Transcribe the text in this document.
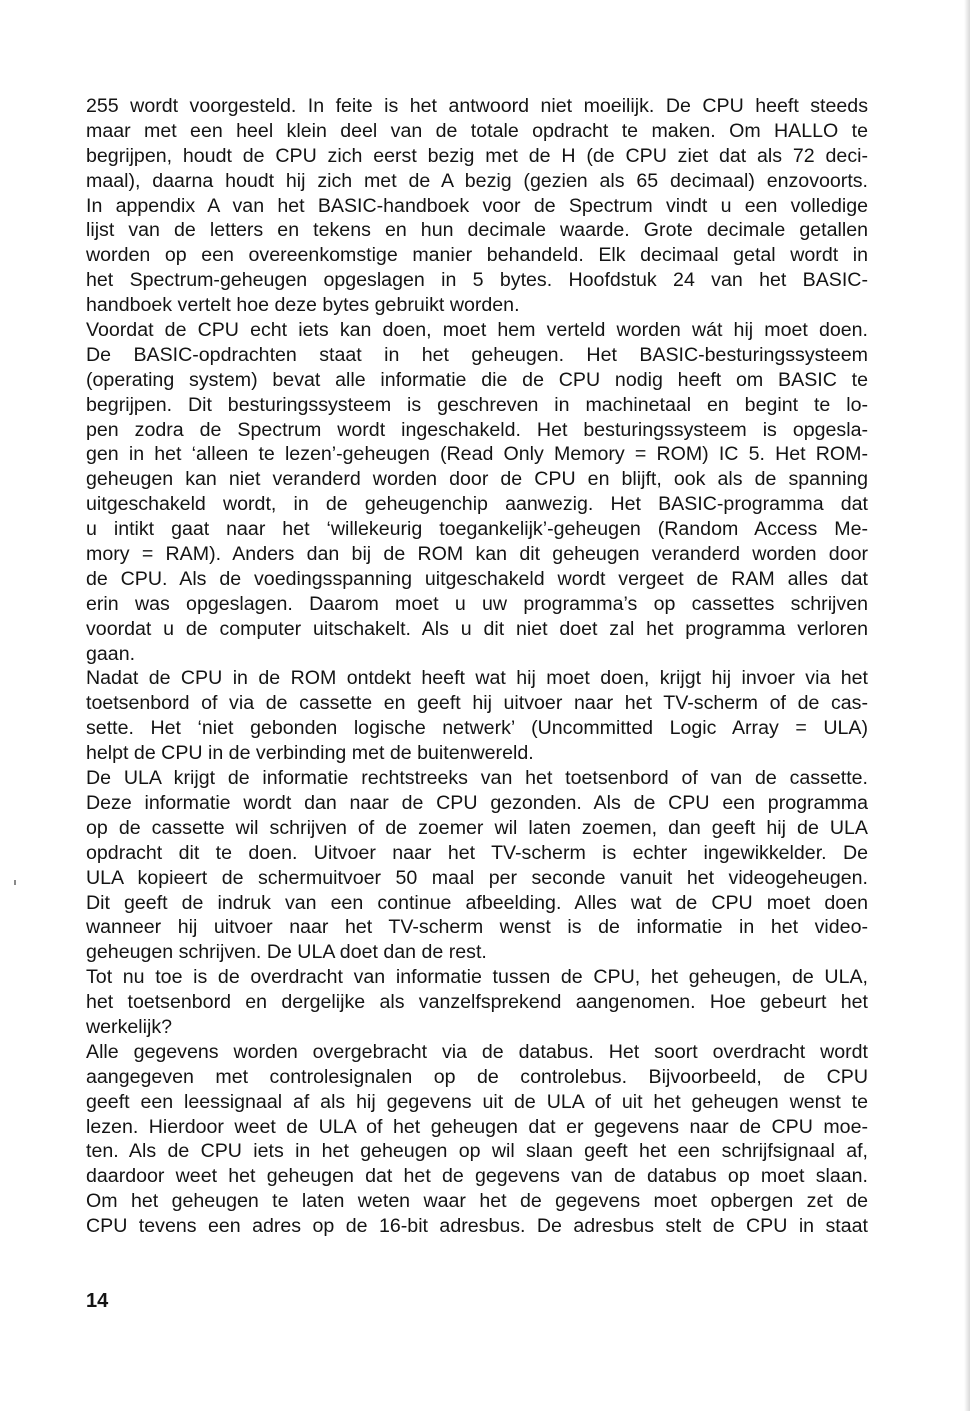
255 wordt voorgesteld. In feite is het antwoord niet moeilijk. De CPU heeft steeds
maar met een heel klein deel van de totale opdracht te maken. Om HALLO te
begrijpen, houdt de CPU zich eerst bezig met de H (de CPU ziet dat als 72 deci-
maal), daarna houdt hij zich met de A bezig (gezien als 65 decimaal) enzovoorts.
In appendix A van het BASIC-handboek voor de Spectrum vindt u een volledige
lijst van de letters en tekens en hun decimale waarde. Grote decimale getallen
worden op een overeenkomstige manier behandeld. Elk decimaal getal wordt in
het Spectrum-geheugen opgeslagen in 5 bytes. Hoofdstuk 24 van het BASIC-
handboek vertelt hoe deze bytes gebruikt worden.
Voordat de CPU echt iets kan doen, moet hem verteld worden wát hij moet doen.
De BASIC-opdrachten staat in het geheugen. Het BASIC-besturingssysteem
(operating system) bevat alle informatie die de CPU nodig heeft om BASIC te
begrijpen. Dit besturingssysteem is geschreven in machinetaal en begint te lo-
pen zodra de Spectrum wordt ingeschakeld. Het besturingssysteem is opgesla-
gen in het ‘alleen te lezen’-geheugen (Read Only Memory = ROM) IC 5. Het ROM-
geheugen kan niet veranderd worden door de CPU en blijft, ook als de spanning
uitgeschakeld wordt, in de geheugenchip aanwezig. Het BASIC-programma dat
u intikt gaat naar het ‘willekeurig toegankelijk’-geheugen (Random Access Me-
mory = RAM). Anders dan bij de ROM kan dit geheugen veranderd worden door
de CPU. Als de voedingsspanning uitgeschakeld wordt vergeet de RAM alles dat
erin was opgeslagen. Daarom moet u uw programma’s op cassettes schrijven
voordat u de computer uitschakelt. Als u dit niet doet zal het programma verloren
gaan.
Nadat de CPU in de ROM ontdekt heeft wat hij moet doen, krijgt hij invoer via het
toetsenbord of via de cassette en geeft hij uitvoer naar het TV-scherm of de cas-
sette. Het ‘niet gebonden logische netwerk’ (Uncommitted Logic Array = ULA)
helpt de CPU in de verbinding met de buitenwereld.
De ULA krijgt de informatie rechtstreeks van het toetsenbord of van de cassette.
Deze informatie wordt dan naar de CPU gezonden. Als de CPU een programma
op de cassette wil schrijven of de zoemer wil laten zoemen, dan geeft hij de ULA
opdracht dit te doen. Uitvoer naar het TV-scherm is echter ingewikkelder. De
ULA kopieert de schermuitvoer 50 maal per seconde vanuit het videogeheugen.
Dit geeft de indruk van een continue afbeelding. Alles wat de CPU moet doen
wanneer hij uitvoer naar het TV-scherm wenst is de informatie in het video-
geheugen schrijven. De ULA doet dan de rest.
Tot nu toe is de overdracht van informatie tussen de CPU, het geheugen, de ULA,
het toetsenbord en dergelijke als vanzelfsprekend aangenomen. Hoe gebeurt het
werkelijk?
Alle gegevens worden overgebracht via de databus. Het soort overdracht wordt
aangegeven met controlesignalen op de controlebus. Bijvoorbeeld, de CPU
geeft een leessignaal af als hij gegevens uit de ULA of uit het geheugen wenst te
lezen. Hierdoor weet de ULA of het geheugen dat er gegevens naar de CPU moe-
ten. Als de CPU iets in het geheugen op wil slaan geeft het een schrijfsignaal af,
daardoor weet het geheugen dat het de gegevens van de databus op moet slaan.
Om het geheugen te laten weten waar het de gegevens moet opbergen zet de
CPU tevens een adres op de 16-bit adresbus. De adresbus stelt de CPU in staat
14
